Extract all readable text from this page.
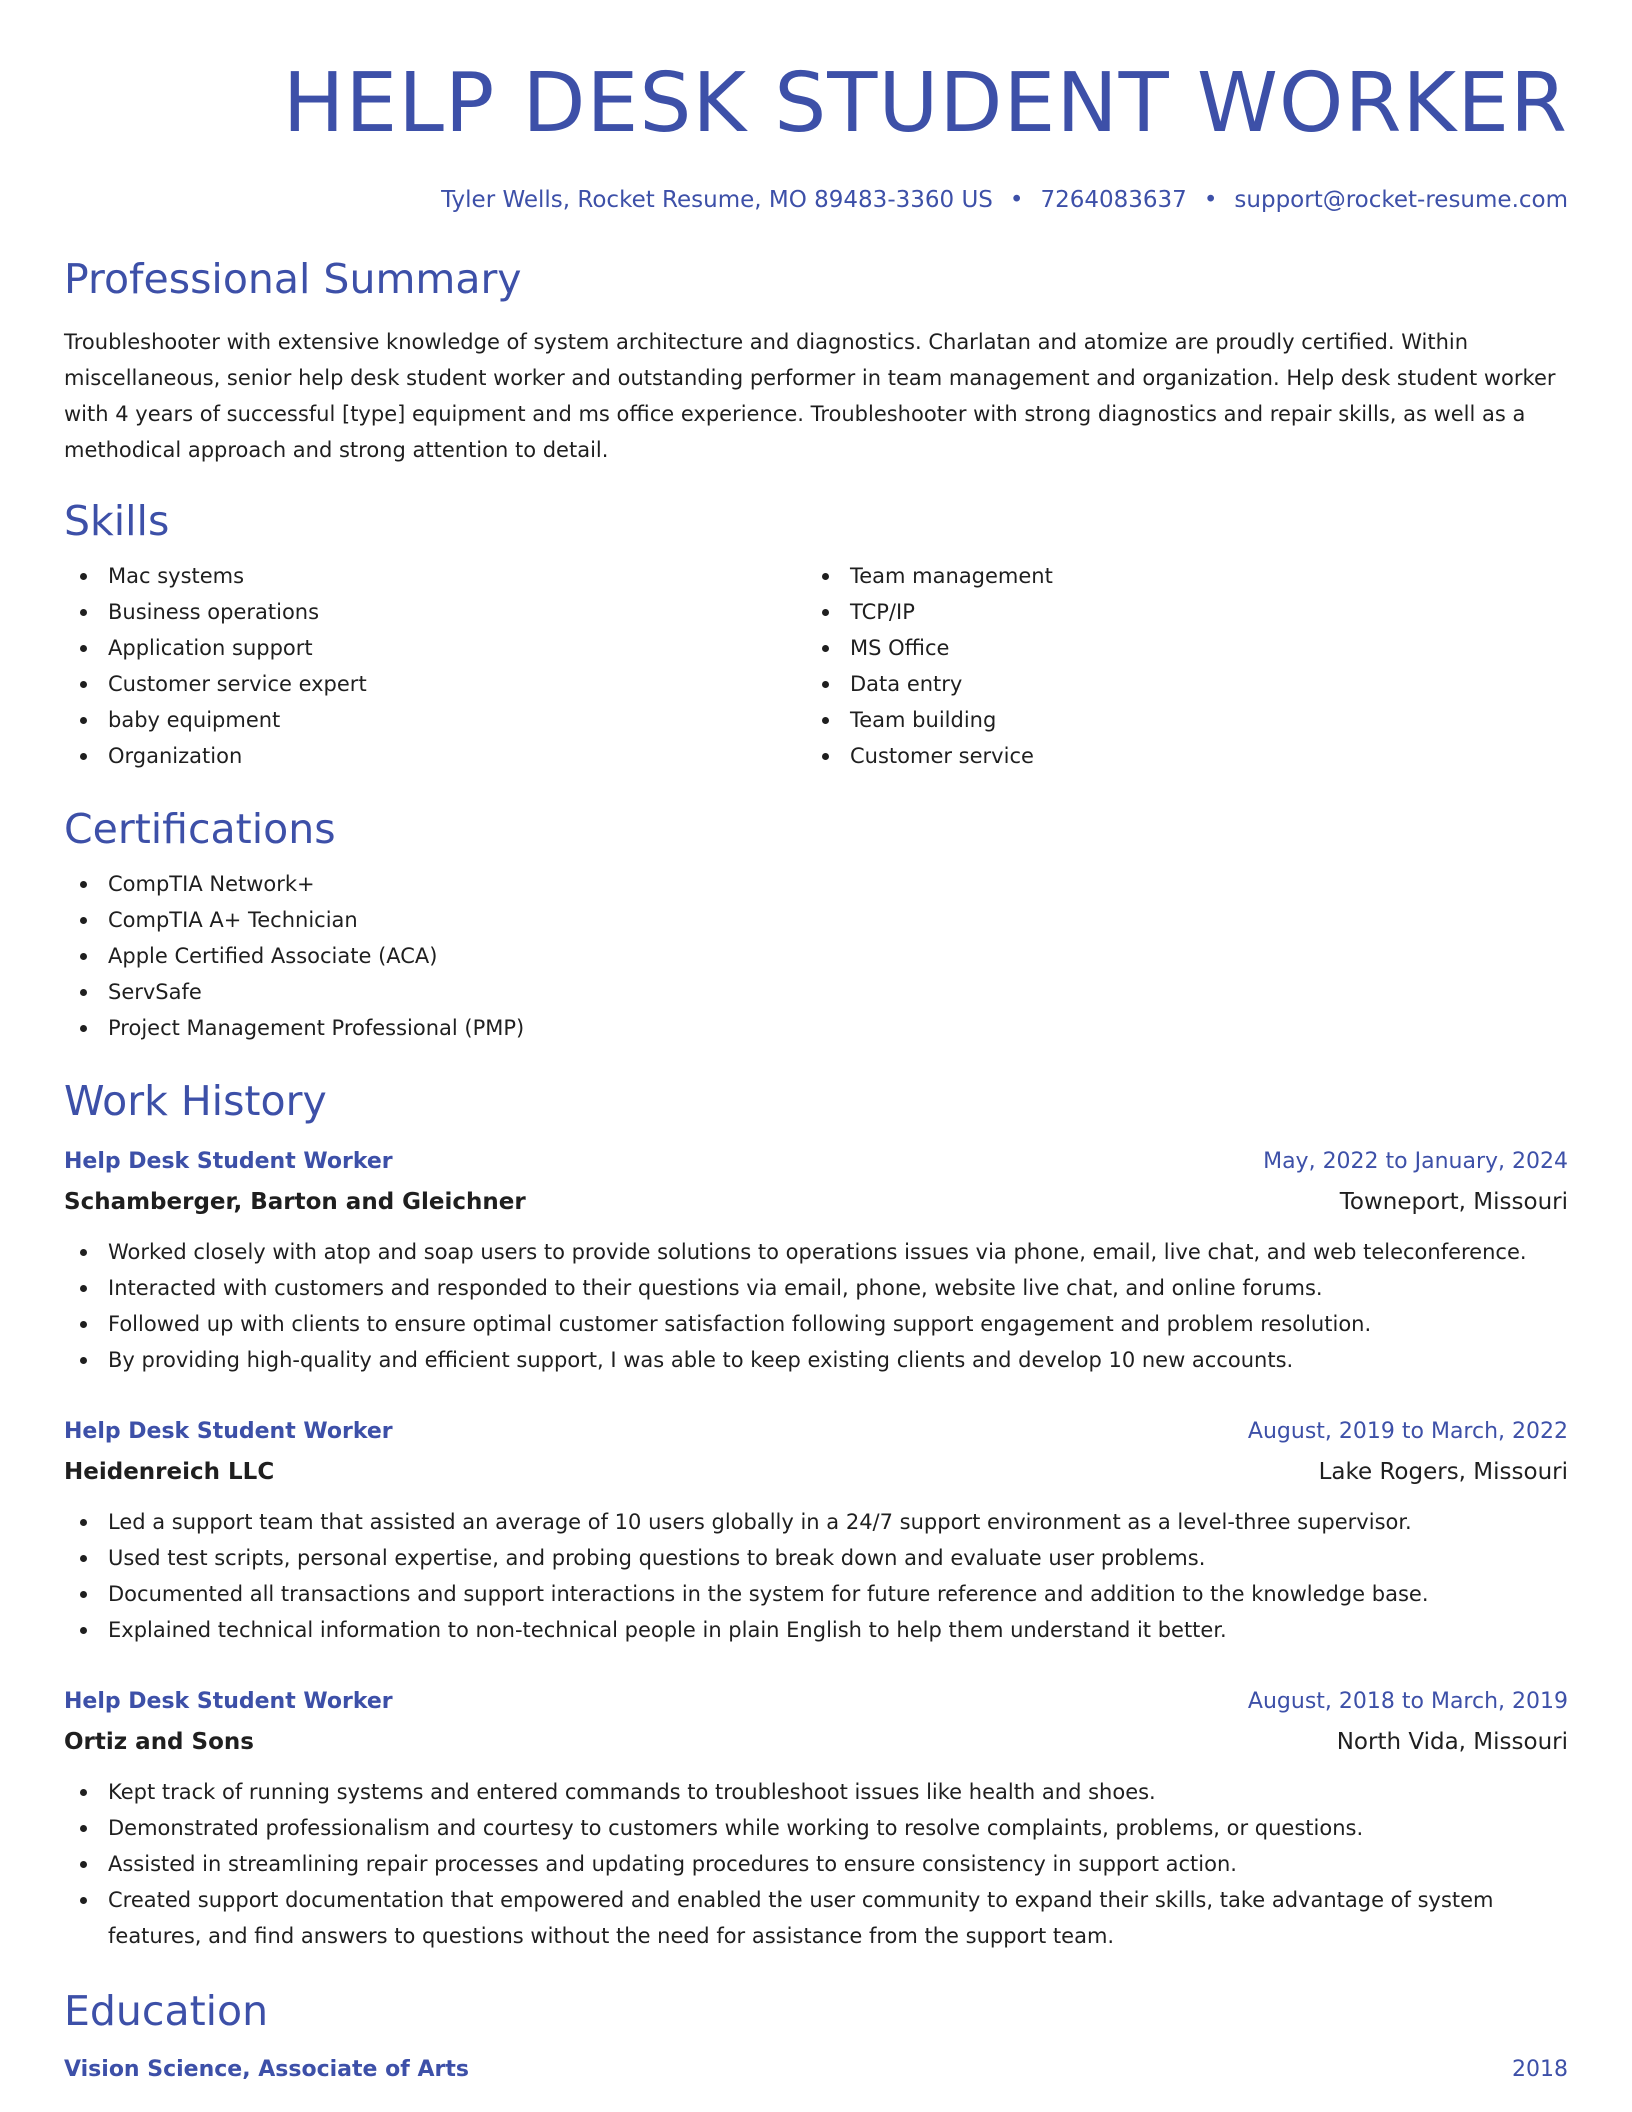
HELP DESK STUDENT WORKER
Tyler Wells, Rocket Resume, MO 89483-3360 US • 7264083637 • support@rocket-resume.com
Professional Summary

Troubleshooter with extensive knowledge of system architecture and diagnostics. Charlatan and atomize are proudly certified. Within miscellaneous, senior help desk student worker and outstanding performer in team management and organization. Help desk student worker with 4 years of successful [type] equipment and ms office experience. Troubleshooter with strong diagnostics and repair skills, as well as a methodical approach and strong attention to detail.

Skills
Mac systems
Business operations
Application support
Customer service expert
baby equipment
Organization
Team management
TCP/IP
MS Office
Data entry
Team building
Customer service
Certifications
CompTIA Network+
CompTIA A+ Technician
Apple Certified Associate (ACA)
ServSafe
Project Management Professional (PMP)
Work History
Help Desk Student Worker	May, 2022 to January, 2024
Schamberger, Barton and Gleichner	Towneport, Missouri
Worked closely with atop and soap users to provide solutions to operations issues via phone, email, live chat, and web teleconference.
Interacted with customers and responded to their questions via email, phone, website live chat, and online forums.
Followed up with clients to ensure optimal customer satisfaction following support engagement and problem resolution.
By providing high-quality and efficient support, I was able to keep existing clients and develop 10 new accounts.
Help Desk Student Worker	August, 2019 to March, 2022
Heidenreich LLC	Lake Rogers, Missouri
Led a support team that assisted an average of 10 users globally in a 24/7 support environment as a level-three supervisor.
Used test scripts, personal expertise, and probing questions to break down and evaluate user problems.
Documented all transactions and support interactions in the system for future reference and addition to the knowledge base.
Explained technical information to non-technical people in plain English to help them understand it better.
Help Desk Student Worker	August, 2018 to March, 2019
Ortiz and Sons	North Vida, Missouri
Kept track of running systems and entered commands to troubleshoot issues like health and shoes.
Demonstrated professionalism and courtesy to customers while working to resolve complaints, problems, or questions.
Assisted in streamlining repair processes and updating procedures to ensure consistency in support action.
Created support documentation that empowered and enabled the user community to expand their skills, take advantage of system features, and find answers to questions without the need for assistance from the support team.
Education
Vision Science, Associate of Arts	2018
